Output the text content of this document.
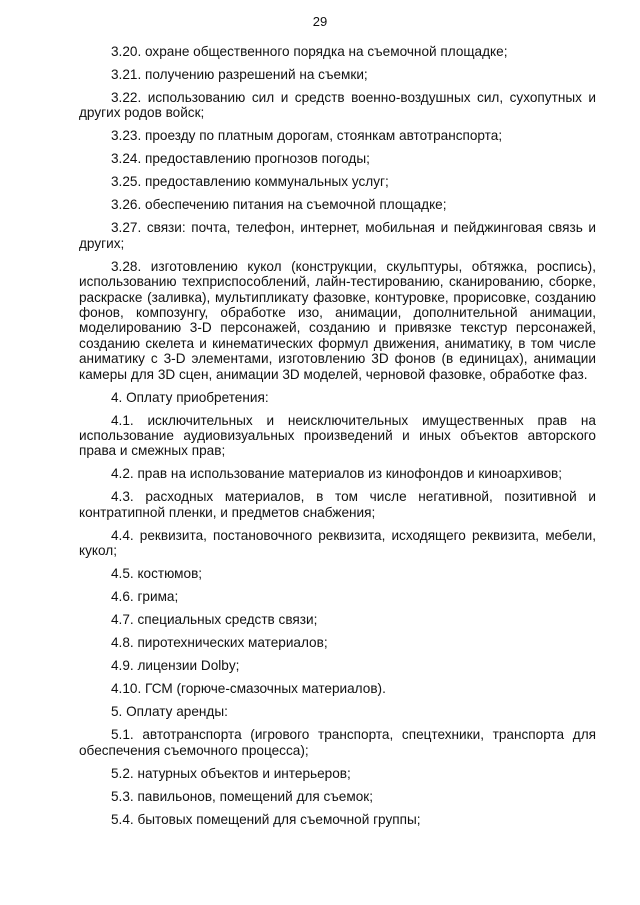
29

3.20. охране общественного порядка на съемочной площадке;

3.21. получению разрешений на съемки;

3.22. использованию сил и средств военно-воздушных сил, сухопутных и других родов войск;

3.23. проезду по платным дорогам, стоянкам автотранспорта;

3.24. предоставлению прогнозов погоды;

3.25. предоставлению коммунальных услуг;

3.26. обеспечению питания на съемочной площадке;

3.27. связи: почта, телефон, интернет, мобильная и пейджинговая связь и других;

3.28. изготовлению кукол (конструкции, скульптуры, обтяжка, роспись), использованию техприспособлений, лайн-тестированию, сканированию, сборке, раскраске (заливка), мультипликату фазовке, контуровке, прорисовке, созданию фонов, композунгу, обработке изо, анимации, дополнительной анимации, моделированию 3-D персонажей, созданию и привязке текстур персонажей, созданию скелета и кинематических формул движения, аниматику, в том числе аниматику с 3-D элементами, изготовлению 3D фонов (в единицах), анимации камеры для 3D сцен, анимации 3D моделей, черновой фазовке, обработке фаз.

4. Оплату приобретения:

4.1. исключительных и неисключительных имущественных прав на использование аудиовизуальных произведений и иных объектов авторского права и смежных прав;

4.2. прав на использование материалов из кинофондов и киноархивов;

4.3. расходных материалов, в том числе негативной, позитивной и контратипной пленки, и предметов снабжения;

4.4. реквизита, постановочного реквизита, исходящего реквизита, мебели, кукол;

4.5. костюмов;

4.6. грима;

4.7. специальных средств связи;

4.8. пиротехнических материалов;

4.9. лицензии Dolby;

4.10. ГСМ (горюче-смазочных материалов).

5. Оплату аренды:

5.1. автотранспорта (игрового транспорта, спецтехники, транспорта для обеспечения съемочного процесса);

5.2. натурных объектов и интерьеров;

5.3. павильонов, помещений для съемок;

5.4. бытовых помещений для съемочной группы;
